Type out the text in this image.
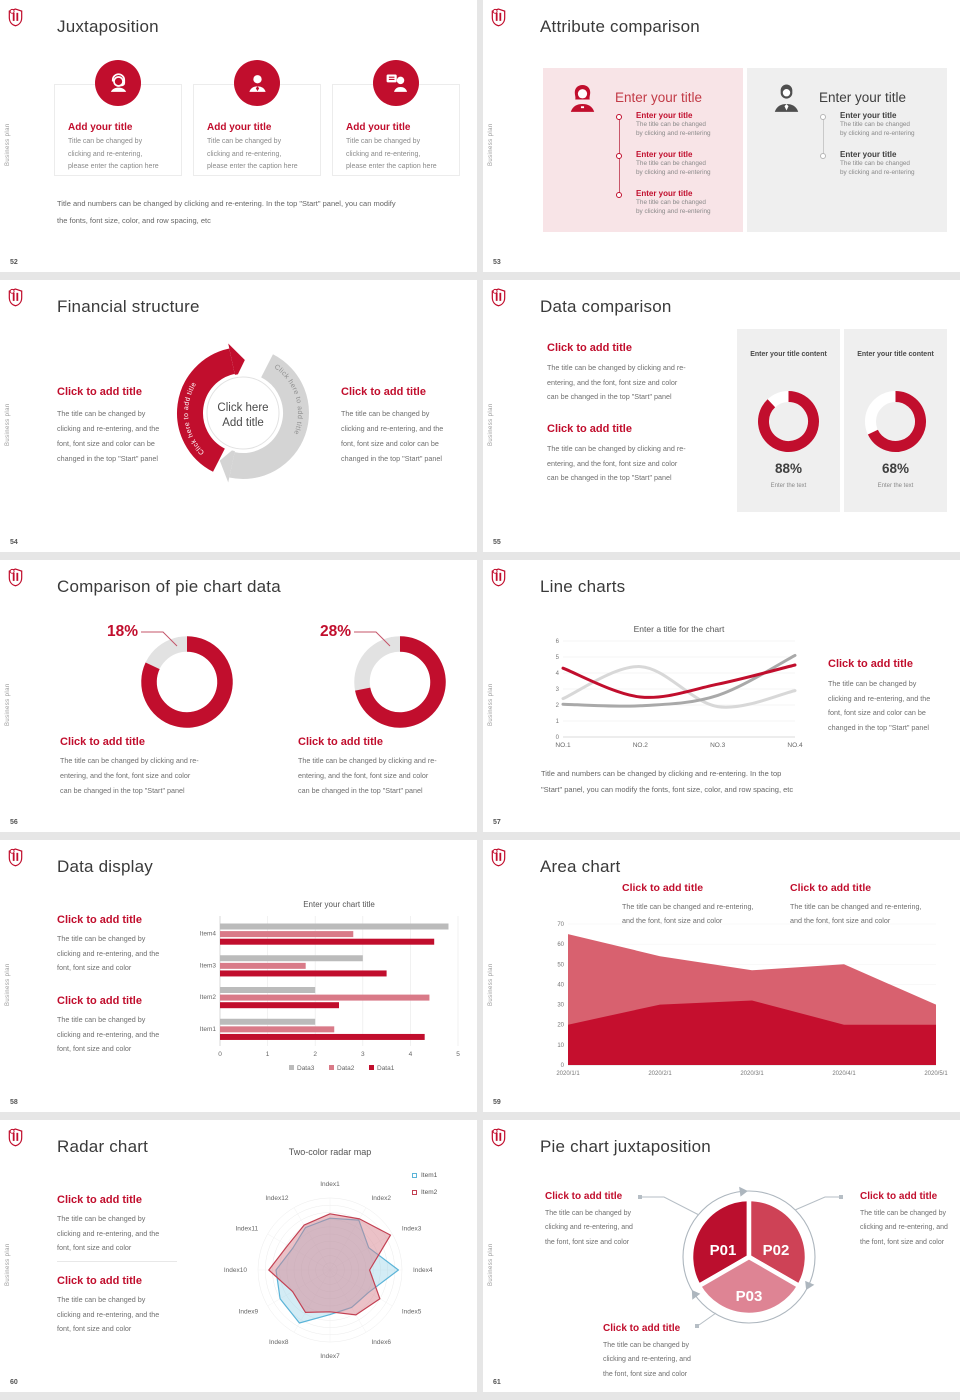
Business plan
Juxtaposition
Add your title
Title can be changed by
clicking and re-entering,
please enter the caption here
Add your title
Title can be changed by
clicking and re-entering,
please enter the caption here
Add your title
Title can be changed by
clicking and re-entering,
please enter the caption here
Title and numbers can be changed by clicking and re-entering. In the top "Start" panel, you can modify
the fonts, font size, color, and row spacing, etc
52
Business plan
Attribute comparison
Enter your title
Enter your title
The title can be changed
by clicking and re-entering
Enter your title
The title can be changed
by clicking and re-entering
Enter your title
The title can be changed
by clicking and re-entering
Enter your title
Enter your title
The title can be changed
by clicking and re-entering
Enter your title
The title can be changed
by clicking and re-entering
53
Business plan
Financial structure
Click to add title
The title can be changed by
clicking and re-entering, and the
font, font size and color can be
changed in the top "Start" panel
Click to add title
The title can be changed by
clicking and re-entering, and the
font, font size and color can be
changed in the top "Start" panel
Click here to add title
Click here to add title
Click here
Add title
54
Business plan
Data comparison
Click to add title
The title can be changed by clicking and re-
entering, and the font, font size and color
can be changed in the top "Start" panel
Click to add title
The title can be changed by clicking and re-
entering, and the font, font size and color
can be changed in the top "Start" panel
Enter your title content
88%
Enter the text
Enter your title content
68%
Enter the text
55
Business plan
Comparison of pie chart data
18%	28%
Click to add title
The title can be changed by clicking and re-
entering, and the font, font size and color
can be changed in the top "Start" panel
Click to add title
The title can be changed by clicking and re-
entering, and the font, font size and color
can be changed in the top "Start" panel
56
Business plan
Line charts
Enter a title for the chart
0
1
2
3
4
5
6
NO.1	NO.2	NO.3	NO.4
Click to add title
The title can be changed by
clicking and re-entering, and the
font, font size and color can be
changed in the top "Start" panel
Title and numbers can be changed by clicking and re-entering. In the top
"Start" panel, you can modify the fonts, font size, color, and row spacing, etc
57
Business plan
Data display
Click to add title
The title can be changed by
clicking and re-entering, and the
font, font size and color
Click to add title
The title can be changed by
clicking and re-entering, and the
font, font size and color
Enter your chart title
0	1	2	3	4	5
Item1
Item2
Item3
Item4
Data3	Data2	Data1
58
Business plan
Area chart
Click to add title
The title can be changed and re-entering,
and the font, font size and color
Click to add title
The title can be changed and re-entering,
and the font, font size and color
0
10
20
30
40
50
60
70
2020/1/1	2020/2/1	2020/3/1	2020/4/1	2020/5/1
59
Business plan
Radar chart
Click to add title
The title can be changed by
clicking and re-entering, and the
font, font size and color
Click to add title
The title can be changed by
clicking and re-entering, and the
font, font size and color
Two-color radar map
Item1
Item2
Index1
Index2
Index3
Index4
Index5
Index6
Index7
Index8
Index9
Index10
Index11
Index12
60
Business plan
Pie chart juxtaposition
Click to add title
The title can be changed by
clicking and re-entering, and
the font, font size and color
Click to add title
The title can be changed by
clicking and re-entering, and
the font, font size and color
Click to add title
The title can be changed by
clicking and re-entering, and
the font, font size and color
P01 P02
P03
61
